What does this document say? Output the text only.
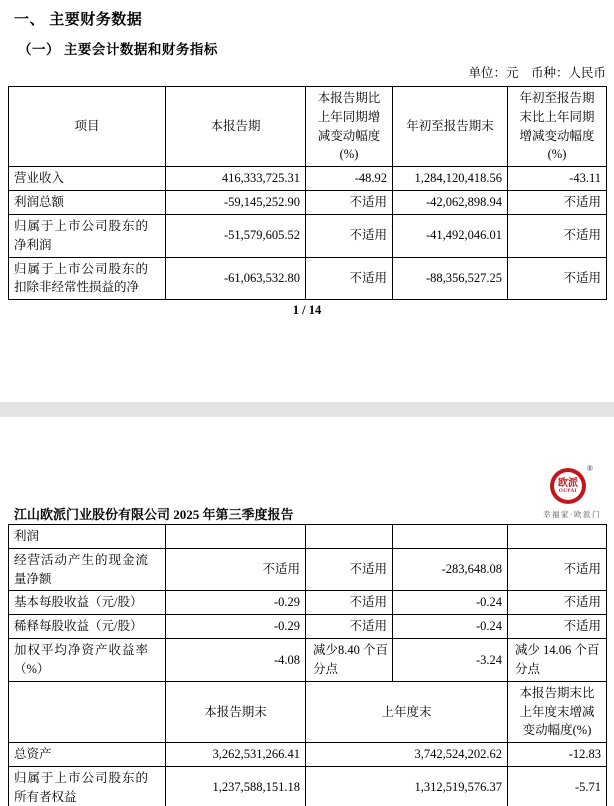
一、 主要财务数据
（一） 主要会计数据和财务指标
单位：元　币种：人民币
项目	本报告期	本报告期比上年同期增减变动幅度(%)	年初至报告期末	年初至报告期末比上年同期增减变动幅度(%)
营业收入	416,333,725.31	-48.92	1,284,120,418.56	-43.11
利润总额	-59,145,252.90	不适用	-42,062,898.94	不适用
归属于上市公司股东的净利润	-51,579,605.52	不适用	-41,492,046.01	不适用
归属于上市公司股东的扣除非经常性损益的净	-61,063,532.80	不适用	-88,356,527.25	不适用
1 / 14
欧派
OUPAI
®
幸福家·欧派门
江山欧派门业股份有限公司 2025 年第三季度报告
利润				
经营活动产生的现金流量净额	不适用	不适用	-283,648.08	不适用
基本每股收益（元/股）	-0.29	不适用	-0.24	不适用
稀释每股收益（元/股）	-0.29	不适用	-0.24	不适用
加权平均净资产收益率（%）	-4.08	减少8.40 个百分点	-3.24	减少 14.06 个百分点
	本报告期末	上年度末		本报告期末比上年度末增减变动幅度(%)
总资产	3,262,531,266.41	3,742,524,202.62		-12.83
归属于上市公司股东的所有者权益	1,237,588,151.18	1,312,519,576.37		-5.71
